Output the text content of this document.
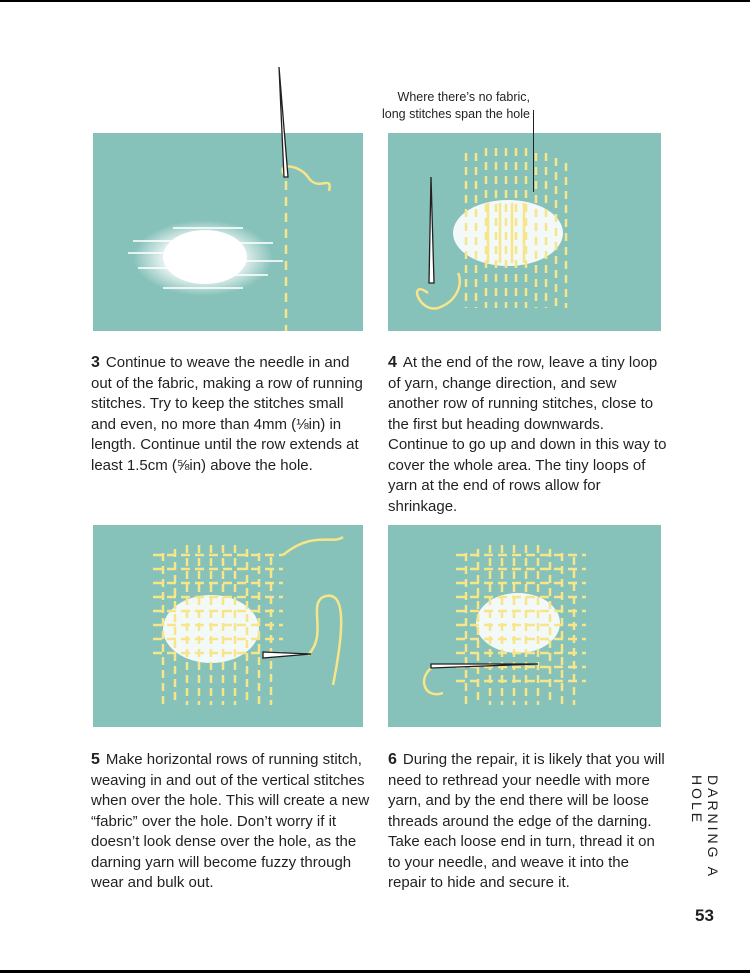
Where there’s no fabric,
long stitches span the hole
3 Continue to weave the needle in and out of the fabric, making a row of running stitches. Try to keep the stitches small and even, no more than 4mm (⅛in) in length. Continue until the row extends at least 1.5cm (⅝in) above the hole.
4 At the end of the row, leave a tiny loop of yarn, change direction, and sew another row of running stitches, close to the first but heading downwards. Continue to go up and down in this way to cover the whole area. The tiny loops of yarn at the end of rows allow for shrinkage.
5 Make horizontal rows of running stitch, weaving in and out of the vertical stitches when over the hole. This will create a new “fabric” over the hole. Don’t worry if it doesn’t look dense over the hole, as the darning yarn will become fuzzy through wear and bulk out.
6 During the repair, it is likely that you will need to rethread your needle with more yarn, and by the end there will be loose threads around the edge of the darning. Take each loose end in turn, thread it on to your needle, and weave it into the repair to hide and secure it.
DARNING A HOLE
53
